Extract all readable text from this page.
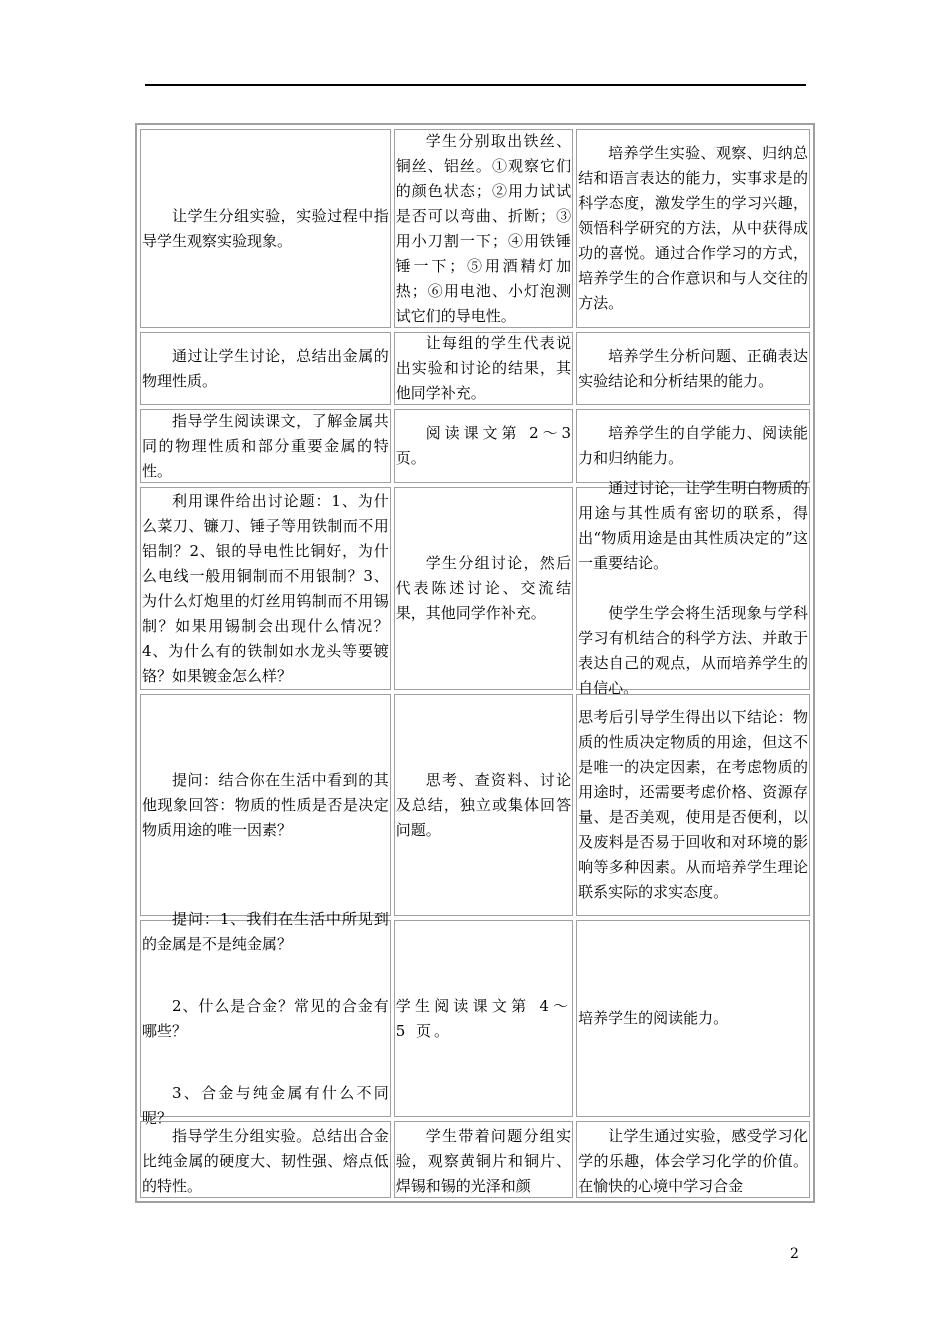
让学生分组实验，实验过程中指导学生观察实验现象。
学生分别取出铁丝、铜丝、铝丝。①观察它们的颜色状态；②用力试试是否可以弯曲、折断；③用小刀割一下；④用铁锤锤一下；⑤用酒精灯加热；⑥用电池、小灯泡测试它们的导电性。
培养学生实验、观察、归纳总结和语言表达的能力，实事求是的科学态度，激发学生的学习兴趣，领悟科学研究的方法，从中获得成功的喜悦。通过合作学习的方式，培养学生的合作意识和与人交往的方法。
通过让学生讨论，总结出金属的物理性质。
让每组的学生代表说出实验和讨论的结果，其他同学补充。
培养学生分析问题、正确表达实验结论和分析结果的能力。
指导学生阅读课文，了解金属共同的物理性质和部分重要金属的特性。
阅读课文第 2～3 页。
培养学生的自学能力、阅读能力和归纳能力。
利用课件给出讨论题：1、为什么菜刀、镰刀、锤子等用铁制而不用铝制？2、银的导电性比铜好，为什么电线一般用铜制而不用银制？3、为什么灯炮里的灯丝用钨制而不用锡制？如果用锡制会出现什么情况？4、为什么有的铁制如水龙头等要镀铬？如果镀金怎么样？
学生分组讨论，然后代表陈述讨论、交流结果，其他同学作补充。

通过讨论，让学生明白物质的用途与其性质有密切的联系，得出“物质用途是由其性质决定的”这一重要结论。

使学生学会将生活现象与学科学习有机结合的科学方法、并敢于表达自己的观点，从而培养学生的自信心。

提问：结合你在生活中看到的其他现象回答：物质的性质是否是决定物质用途的唯一因素？
思考、查资料、讨论及总结，独立或集体回答问题。
思考后引导学生得出以下结论：物质的性质决定物质的用途，但这不是唯一的决定因素，在考虑物质的用途时，还需要考虑价格、资源存量、是否美观，使用是否便利，以及废料是否易于回收和对环境的影响等多种因素。从而培养学生理论联系实际的求实态度。

提问：1、我们在生活中所见到的金属是不是纯金属？

2、什么是合金？常见的合金有哪些？

3、合金与纯金属有什么不同呢？

学生阅读课文第 4～5 页。
培养学生的阅读能力。
指导学生分组实验。总结出合金比纯金属的硬度大、韧性强、熔点低的特性。
学生带着问题分组实验，观察黄铜片和铜片、焊锡和锡的光泽和颜
让学生通过实验，感受学习化学的乐趣，体会学习化学的价值。在愉快的心境中学习合金
2
